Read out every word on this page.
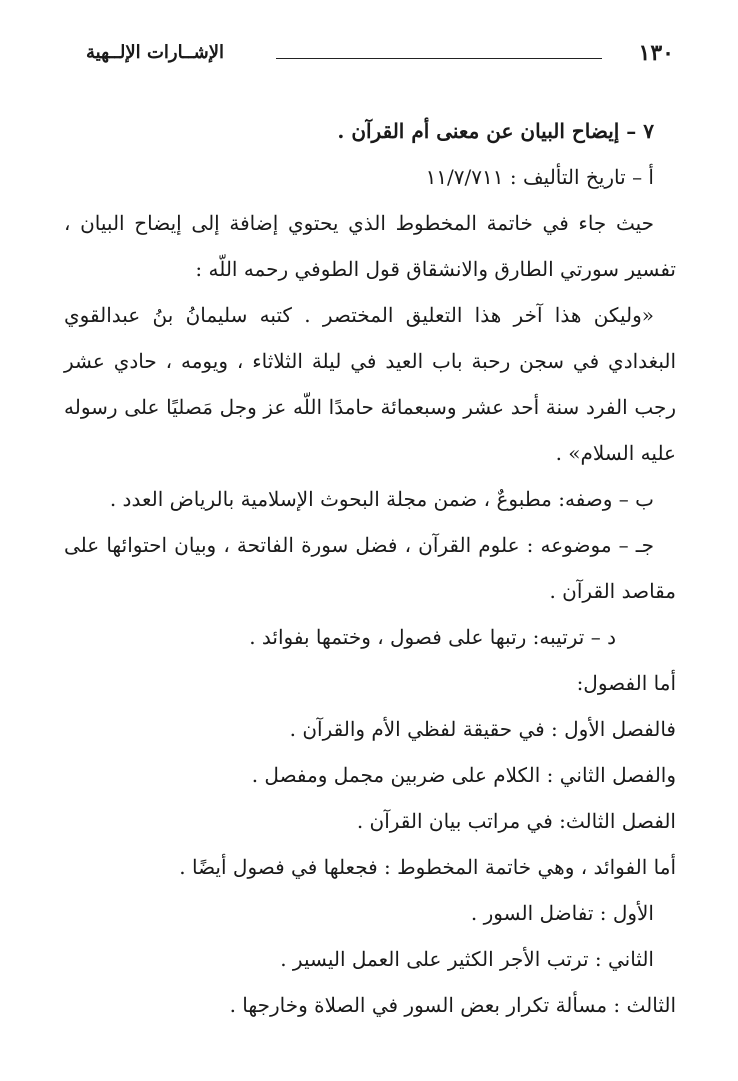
١٣٠
الإشــارات الإلــهية

٧ – إيضاح البيان عن معنى أم القرآن .

أ – تاريخ التأليف : ١١/٧/٧١١

حيث جاء في خاتمة المخطوط الذي يحتوي إضافة إلى إيضاح البيان ، تفسير سورتي الطارق والانشقاق قول الطوفي رحمه اللّه :

«وليكن هذا آخر هذا التعليق المختصر . كتبه سليمانُ بنُ عبدالقوي البغدادي في سجن رحبة باب العيد في ليلة الثلاثاء ، ويومه ، حادي عشر رجب الفرد سنة أحد عشر وسبعمائة حامدًا اللّه عز وجل مَصليًا على رسوله عليه السلام» .

ب – وصفه: مطبوعٌ ، ضمن مجلة البحوث الإسلامية بالرياض العدد .

جـ – موضوعه : علوم القرآن ، فضل سورة الفاتحة ، وبيان احتوائها على مقاصد القرآن .

د – ترتيبه: رتبها على فصول ، وختمها بفوائد .

أما الفصول:

فالفصل الأول : في حقيقة لفظي الأم والقرآن .

والفصل الثاني : الكلام على ضربين مجمل ومفصل .

الفصل الثالث: في مراتب بيان القرآن .

أما الفوائد ، وهي خاتمة المخطوط : فجعلها في فصول أيضًا .

الأول : تفاضل السور .

الثاني : ترتب الأجر الكثير على العمل اليسير .

الثالث : مسألة تكرار بعض السور في الصلاة وخارجها .
